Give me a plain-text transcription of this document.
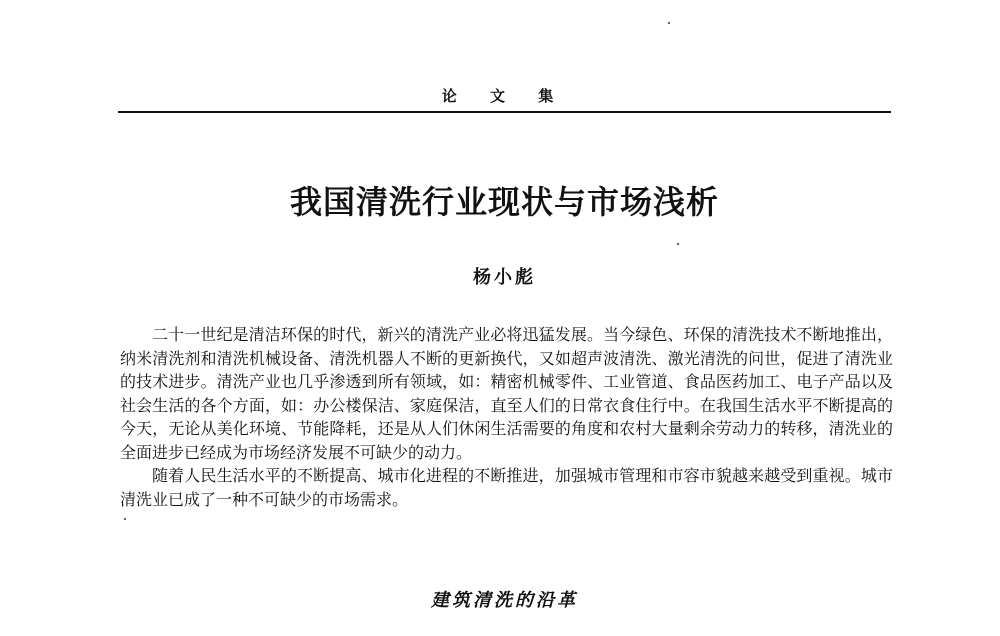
论 文 集
我国清洗行业现状与市场浅析
杨小彪

二十一世纪是清洁环保的时代，新兴的清洗产业必将迅猛发展。当今绿色、环保的清洗技术不断地推出，纳米清洗剂和清洗机械设备、清洗机器人不断的更新换代，又如超声波清洗、激光清洗的问世，促进了清洗业的技术进步。清洗产业也几乎渗透到所有领域，如：精密机械零件、工业管道、食品医药加工、电子产品以及社会生活的各个方面，如：办公楼保洁、家庭保洁，直至人们的日常衣食住行中。在我国生活水平不断提高的今天，无论从美化环境、节能降耗，还是从人们休闲生活需要的角度和农村大量剩余劳动力的转移，清洗业的全面进步已经成为市场经济发展不可缺少的动力。

随着人民生活水平的不断提高、城市化进程的不断推进，加强城市管理和市容市貌越来越受到重视。城市清洗业已成了一种不可缺少的市场需求。

建筑清洗的沿革
